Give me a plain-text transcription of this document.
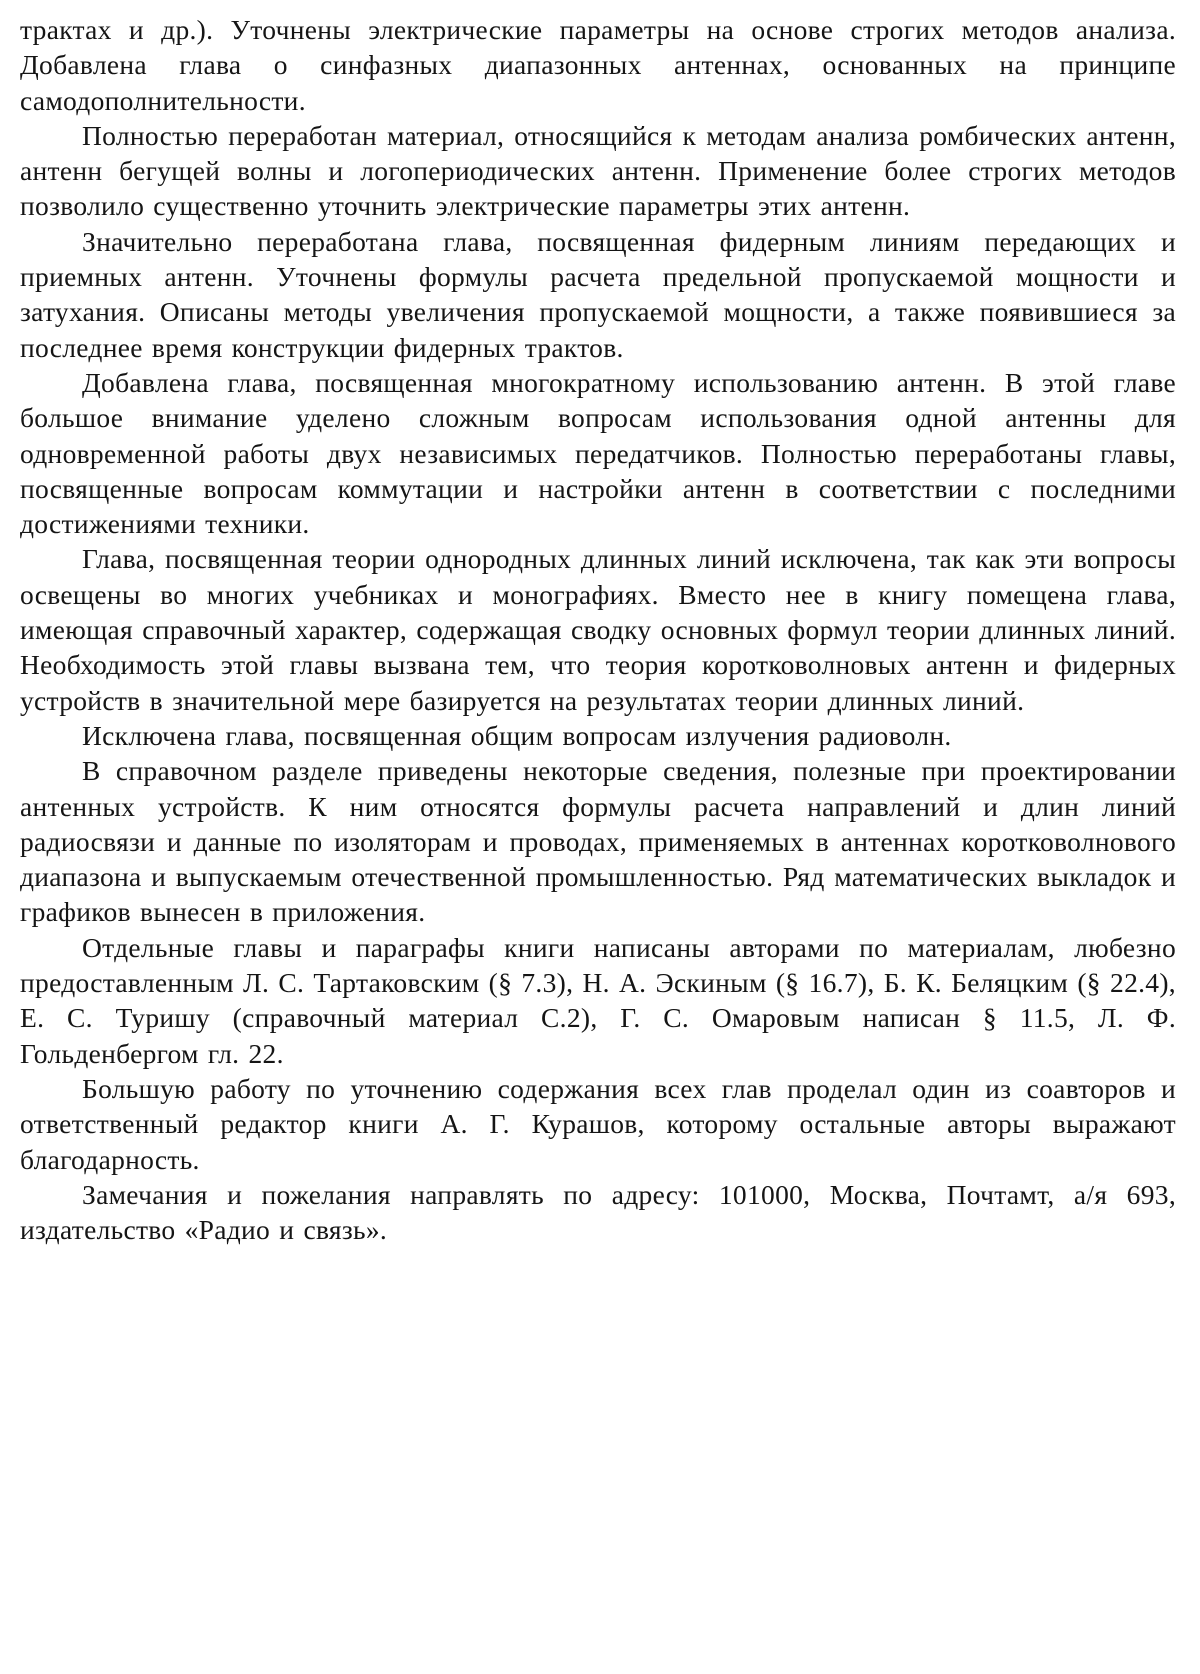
трактах и др.). Уточнены электрические параметры на основе строгих методов анализа. Добавлена глава о синфазных диапазонных антеннах, основанных на принципе самодополнительности.

Полностью переработан материал, относящийся к методам анализа ромбических антенн, антенн бегущей волны и логопериодических антенн. Применение более строгих методов позволило существенно уточнить электрические параметры этих антенн.

Значительно переработана глава, посвященная фидерным линиям передающих и приемных антенн. Уточнены формулы расчета предельной пропускаемой мощности и затухания. Описаны методы увеличения пропускаемой мощности, а также появившиеся за последнее время конструкции фидерных трактов.

Добавлена глава, посвященная многократному использованию антенн. В этой главе большое внимание уделено сложным вопросам использования одной антенны для одновременной работы двух независимых передатчиков. Полностью переработаны главы, посвященные вопросам коммутации и настройки антенн в соответствии с последними достижениями техники.

Глава, посвященная теории однородных длинных линий исключена, так как эти вопросы освещены во многих учебниках и монографиях. Вместо нее в книгу помещена глава, имеющая справочный характер, содержащая сводку основных формул теории длинных линий. Необходимость этой главы вызвана тем, что теория коротковолновых антенн и фидерных устройств в значительной мере базируется на результатах теории длинных линий.

Исключена глава, посвященная общим вопросам излучения радиоволн.

В справочном разделе приведены некоторые сведения, полезные при проектировании антенных устройств. К ним относятся формулы расчета направлений и длин линий радиосвязи и данные по изоляторам и проводах, применяемых в антеннах коротковолнового диапазона и выпускаемым отечественной промышленностью. Ряд математических выкладок и графиков вынесен в приложения.

Отдельные главы и параграфы книги написаны авторами по материалам, любезно предоставленным Л. С. Тартаковским (§ 7.3), Н. А. Эскиным (§ 16.7), Б. К. Беляцким (§ 22.4), Е. С. Туришу (справочный материал С.2), Г. С. Омаровым написан § 11.5, Л. Ф. Гольденбергом гл. 22.

Большую работу по уточнению содержания всех глав проделал один из соавторов и ответственный редактор книги А. Г. Курашов, которому остальные авторы выражают благодарность.

Замечания и пожелания направлять по адресу: 101000, Москва, Почтамт, а/я 693, издательство «Радио и связь».
